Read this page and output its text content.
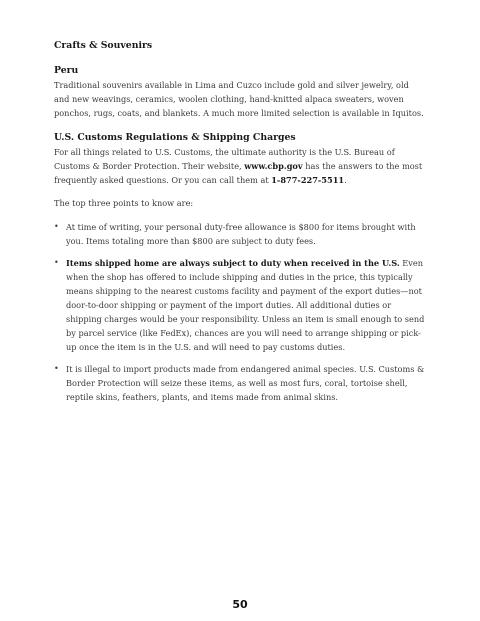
Crafts & Souvenirs
Peru

Traditional souvenirs available in Lima and Cuzco include gold and silver jewelry, old and new weavings, ceramics, woolen clothing, hand-knitted alpaca sweaters, woven ponchos, rugs, coats, and blankets. A much more limited selection is available in Iquitos.

U.S. Customs Regulations & Shipping Charges

For all things related to U.S. Customs, the ultimate authority is the U.S. Bureau of Customs & Border Protection. Their website, www.cbp.gov has the answers to the most frequently asked questions. Or you can call them at 1-877-227-5511.

The top three points to know are:

• At time of writing, your personal duty-free allowance is $800 for items brought with you. Items totaling more than $800 are subject to duty fees.
• Items shipped home are always subject to duty when received in the U.S. Even when the shop has offered to include shipping and duties in the price, this typically means shipping to the nearest customs facility and payment of the export duties—not door-to-door shipping or payment of the import duties. All additional duties or shipping charges would be your responsibility. Unless an item is small enough to send by parcel service (like FedEx), chances are you will need to arrange shipping or pick-up once the item is in the U.S. and will need to pay customs duties.
• It is illegal to import products made from endangered animal species. U.S. Customs & Border Protection will seize these items, as well as most furs, coral, tortoise shell, reptile skins, feathers, plants, and items made from animal skins.
50
